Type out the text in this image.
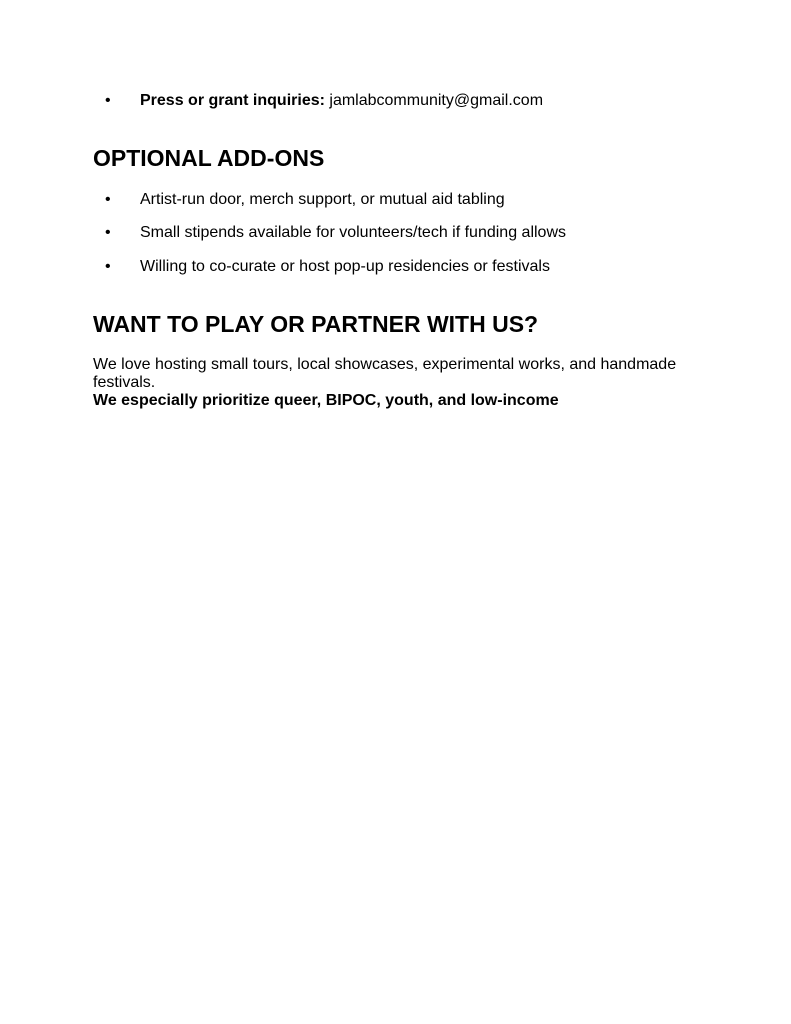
• Press or grant inquiries: jamlabcommunity@gmail.com
OPTIONAL ADD-ONS
• Artist-run door, merch support, or mutual aid tabling
• Small stipends available for volunteers/tech if funding allows
• Willing to co-curate or host pop-up residencies or festivals
WANT TO PLAY OR PARTNER WITH US?
We love hosting small tours, local showcases, experimental works, and handmade festivals.
We especially prioritize queer, BIPOC, youth, and low-income
